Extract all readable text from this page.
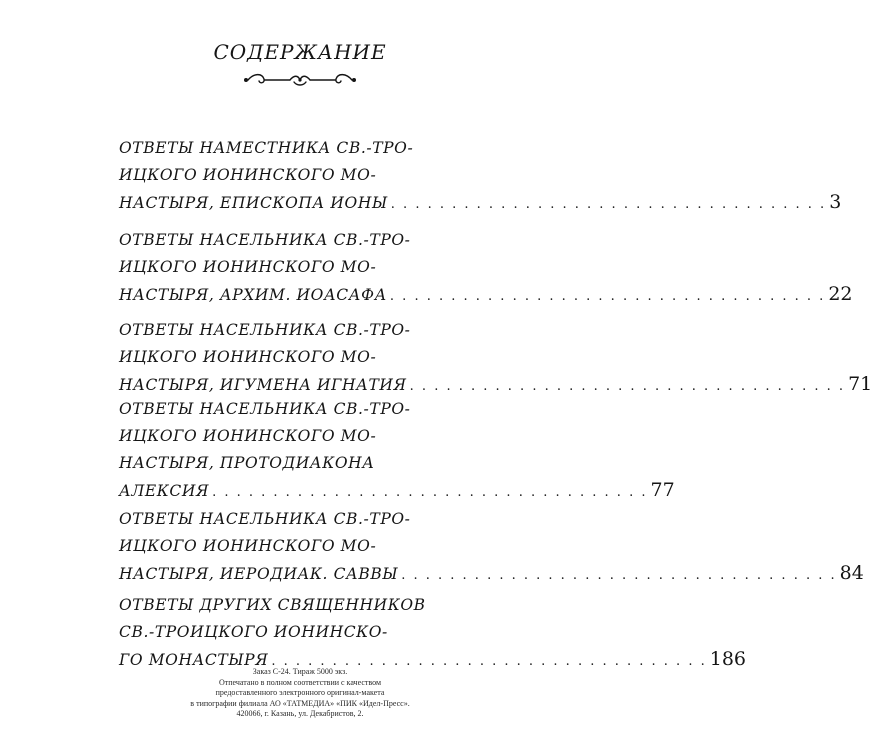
СОДЕРЖАНИЕ
ОТВЕТЫ НАМЕСТНИКА СВ.-ТРО-
ИЦКОГО ИОНИНСКОГО МО-
НАСТЫРЯ, ЕПИСКОПА ИОНЫ . . . . . . . . . . . . . . . . . . . . . . . . . . . . . . . . . . . . 3
ОТВЕТЫ НАСЕЛЬНИКА СВ.-ТРО-
ИЦКОГО ИОНИНСКОГО МО-
НАСТЫРЯ, АРХИМ. ИОАСАФА . . . . . . . . . . . . . . . . . . . . . . . . . . . . . . . . . . . . 22
ОТВЕТЫ НАСЕЛЬНИКА СВ.-ТРО-
ИЦКОГО ИОНИНСКОГО МО-
НАСТЫРЯ, ИГУМЕНА ИГНАТИЯ . . . . . . . . . . . . . . . . . . . . . . . . . . . . . . . . . . . . 71
ОТВЕТЫ НАСЕЛЬНИКА СВ.-ТРО-
ИЦКОГО ИОНИНСКОГО МО-
НАСТЫРЯ, ПРОТОДИАКОНА
АЛЕКСИЯ . . . . . . . . . . . . . . . . . . . . . . . . . . . . . . . . . . . . 77
ОТВЕТЫ НАСЕЛЬНИКА СВ.-ТРО-
ИЦКОГО ИОНИНСКОГО МО-
НАСТЫРЯ, ИЕРОДИАК. САВВЫ . . . . . . . . . . . . . . . . . . . . . . . . . . . . . . . . . . . . 84
ОТВЕТЫ ДРУГИХ СВЯЩЕННИКОВ
СВ.-ТРОИЦКОГО ИОНИНСКО-
ГО МОНАСТЫРЯ . . . . . . . . . . . . . . . . . . . . . . . . . . . . . . . . . . . . 186
Заказ С-24. Тираж 5000 экз.
Отпечатано в полном соответствии с качеством
предоставленного электронного оригинал-макета
в типографии филиала АО «ТАТМЕДИА» «ПИК «Идел-Пресс».
420066, г. Казань, ул. Декабристов, 2.
